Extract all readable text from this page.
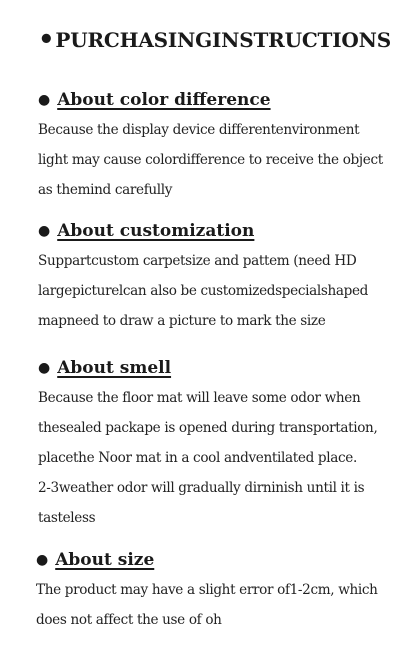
•PURCHASINGINSTRUCTIONS
● About color difference
Because the display device differentenvironment
light may cause colordifference to receive the object
as themind carefully
● About customization
Suppartcustom carpetsize and pattem (need HD
largepicturelcan also be customizedspecialshaped
mapneed to draw a picture to mark the size
● About smell
Because the floor mat will leave some odor when
thesealed packape is opened during transportation,
placethe Noor mat in a cool andventilated place.
2-3weather odor will gradually dirninish until it is
tasteless
● About size
The product may have a slight error of1-2cm, which
does not affect the use of oh
